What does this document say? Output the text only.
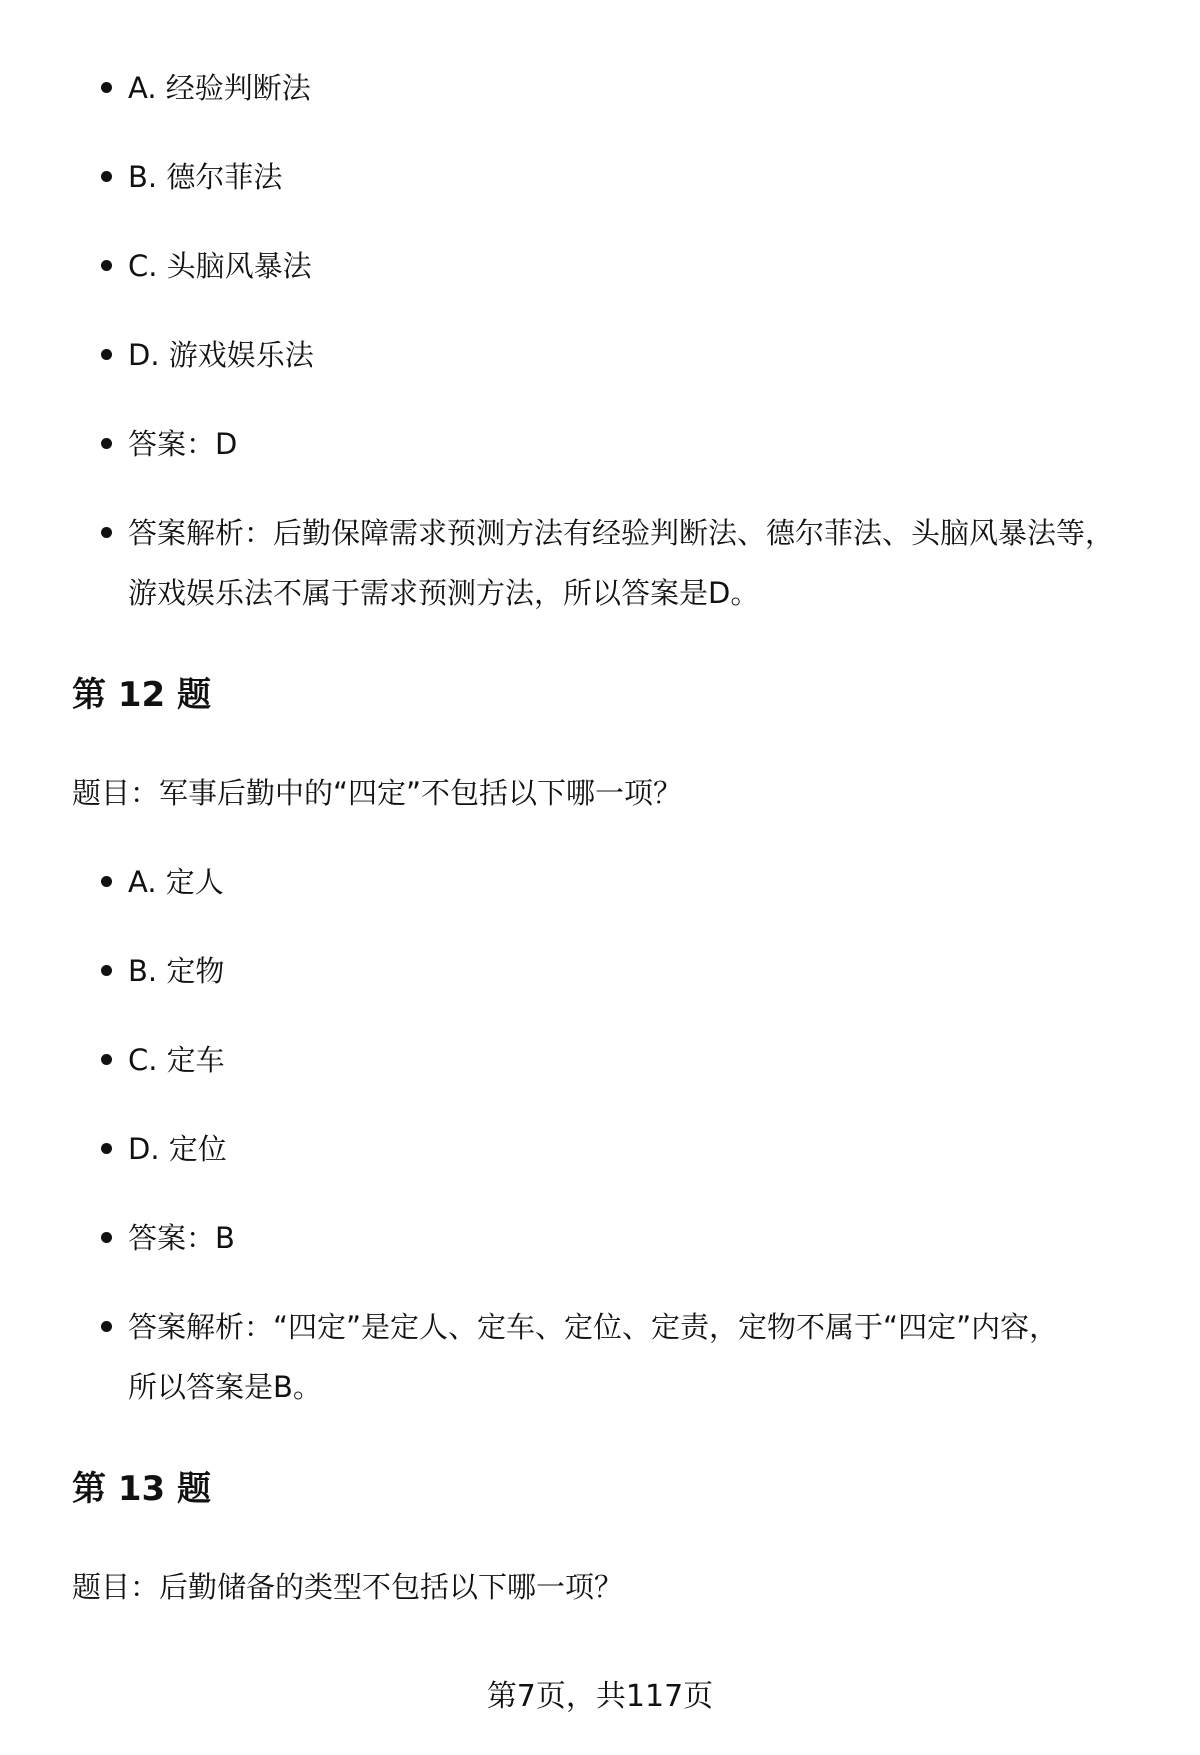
A. 经验判断法
B. 德尔菲法
C. 头脑风暴法
D. 游戏娱乐法
答案：D
答案解析：后勤保障需求预测方法有经验判断法、德尔菲法、头脑风暴法等，
游戏娱乐法不属于需求预测方法，所以答案是D。
第 12 题
题目：军事后勤中的“四定”不包括以下哪一项？
A. 定人
B. 定物
C. 定车
D. 定位
答案：B
答案解析：“四定”是定人、定车、定位、定责，定物不属于“四定”内容，
所以答案是B。
第 13 题
题目：后勤储备的类型不包括以下哪一项？
第7页，共117页
